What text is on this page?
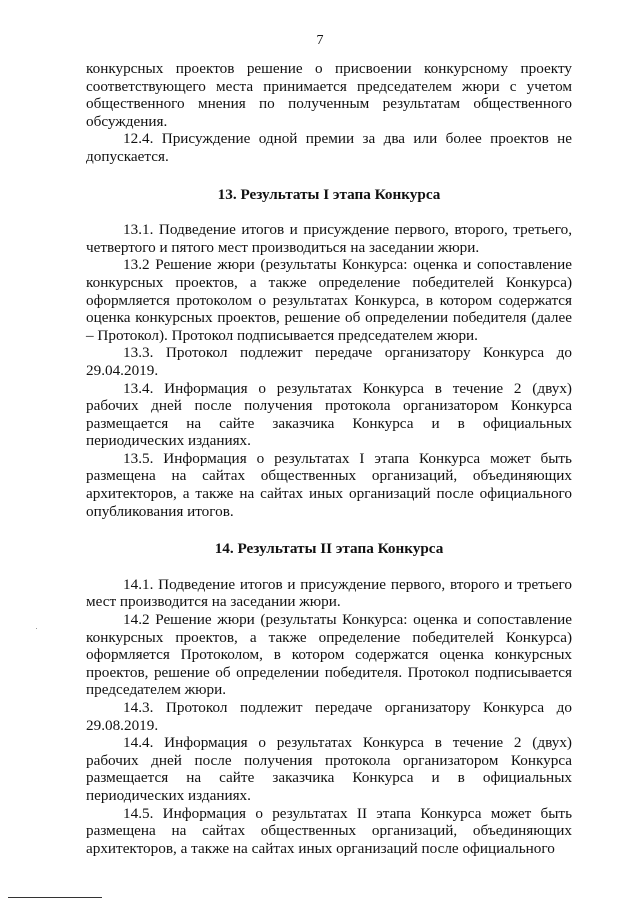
7

конкурсных проектов решение о присвоении конкурсному проекту соответствующего места принимается председателем жюри с учетом общественного мнения по полученным результатам общественного обсуждения.

12.4. Присуждение одной премии за два или более проектов не допускается.

13. Результаты I этапа Конкурса

13.1. Подведение итогов и присуждение первого, второго, третьего, четвертого и пятого мест производиться на заседании жюри.

13.2 Решение жюри (результаты Конкурса: оценка и сопоставление конкурсных проектов, а также определение победителей Конкурса) оформляется протоколом о результатах Конкурса, в котором содержатся оценка конкурсных проектов, решение об определении победителя (далее – Протокол). Протокол подписывается председателем жюри.

13.3. Протокол подлежит передаче организатору Конкурса до 29.04.2019.

13.4. Информация о результатах Конкурса в течение 2 (двух) рабочих дней после получения протокола организатором Конкурса размещается на сайте заказчика Конкурса и в официальных периодических изданиях.

13.5. Информация о результатах I этапа Конкурса может быть размещена на сайтах общественных организаций, объединяющих архитекторов, а также на сайтах иных организаций после официального опубликования итогов.

14. Результаты II этапа Конкурса

14.1. Подведение итогов и присуждение первого, второго и третьего мест производится на заседании жюри.

14.2 Решение жюри (результаты Конкурса: оценка и сопоставление конкурсных проектов, а также определение победителей Конкурса) оформляется Протоколом, в котором содержатся оценка конкурсных проектов, решение об определении победителя. Протокол подписывается председателем жюри.

14.3. Протокол подлежит передаче организатору Конкурса до 29.08.2019.

14.4. Информация о результатах Конкурса в течение 2 (двух) рабочих дней после получения протокола организатором Конкурса размещается на сайте заказчика Конкурса и в официальных периодических изданиях.

14.5. Информация о результатах II этапа Конкурса может быть размещена на сайтах общественных организаций, объединяющих архитекторов, а также на сайтах иных организаций после официального
